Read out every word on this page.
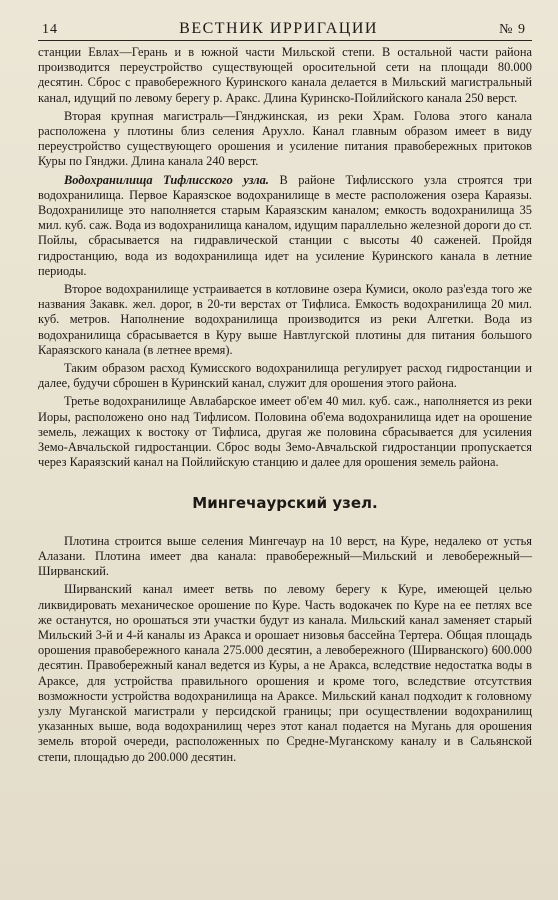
14	ВЕСТНИК ИРРИГАЦИИ	№ 9

станции Евлах—Герань и в южной части Мильской степи. В остальной части района производится переустройство существующей оросительной сети на площади 80.000 десятин. Сброс с правобережного Куринского канала делается в Мильский магистральный канал, идущий по левому берегу р. Аракс. Длина Куринско-Пойлийского канала 250 верст.

Вторая крупная магистраль—Гянджинская, из реки Храм. Голова этого канала расположена у плотины близ селения Арухло. Канал главным образом имеет в виду переустройство существующего орошения и усиление питания правобережных притоков Куры по Гянджи. Длина канала 240 верст.

Водохранилища Тифлисского узла. В районе Тифлисского узла строятся три водохранилища. Первое Караязское водохранилище в месте расположения озера Караязы. Водохранилище это наполняется старым Караязским каналом; емкость водохранилища 35 мил. куб. саж. Вода из водохранилища каналом, идущим параллельно железной дороги до ст. Пойлы, сбрасывается на гидравлической станции с высоты 40 саженей. Пройдя гидростанцию, вода из водохранилища идет на усиление Куринского канала в летние периоды.

Второе водохранилище устраивается в котловине озера Кумиси, около раз'езда того же названия Закавк. жел. дорог, в 20-ти верстах от Тифлиса. Емкость водохранилища 20 мил. куб. метров. Наполнение водохранилища производится из реки Алгетки. Вода из водохранилища сбрасывается в Куру выше Навтлугской плотины для питания большого Караязского канала (в летнее время).

Таким образом расход Кумисского водохранилища регулирует расход гидростанции и далее, будучи сброшен в Куринский канал, служит для орошения этого района.

Третье водохранилище Авлабарское имеет об'ем 40 мил. куб. саж., наполняется из реки Иоры, расположено оно над Тифлисом. Половина об'ема водохранилища идет на орошение земель, лежащих к востоку от Тифлиса, другая же половина сбрасывается для усиления Земо-Авчальской гидростанции. Сброс воды Земо-Авчальской гидростанции пропускается через Караязский канал на Пойлийскую станцию и далее для орошения земель района.

Мингечаурский узел.

Плотина строится выше селения Мингечаур на 10 верст, на Куре, недалеко от устья Алазани. Плотина имеет два канала: правобережный—Мильский и левобережный—Ширванский.

Ширванский канал имеет ветвь по левому берегу к Куре, имеющей целью ликвидировать механическое орошение по Куре. Часть водокачек по Куре на ее петлях все же останутся, но орошаться эти участки будут из канала. Мильский канал заменяет старый Мильский 3-й и 4-й каналы из Аракса и орошает низовья бассейна Тертера. Общая площадь орошения правобережного канала 275.000 десятин, а левобережного (Ширванского) 600.000 десятин. Правобережный канал ведется из Куры, а не Аракса, вследствие недостатка воды в Араксе, для устройства правильного орошения и кроме того, вследствие отсутствия возможности устройства водохранилища на Араксе. Мильский канал подходит к головному узлу Муганской магистрали у персидской границы; при осуществлении водохранилищ указанных выше, вода водохранилищ через этот канал подается на Мугань для орошения земель второй очереди, расположенных по Средне-Муганскому каналу и в Сальянской степи, площадью до 200.000 десятин.
